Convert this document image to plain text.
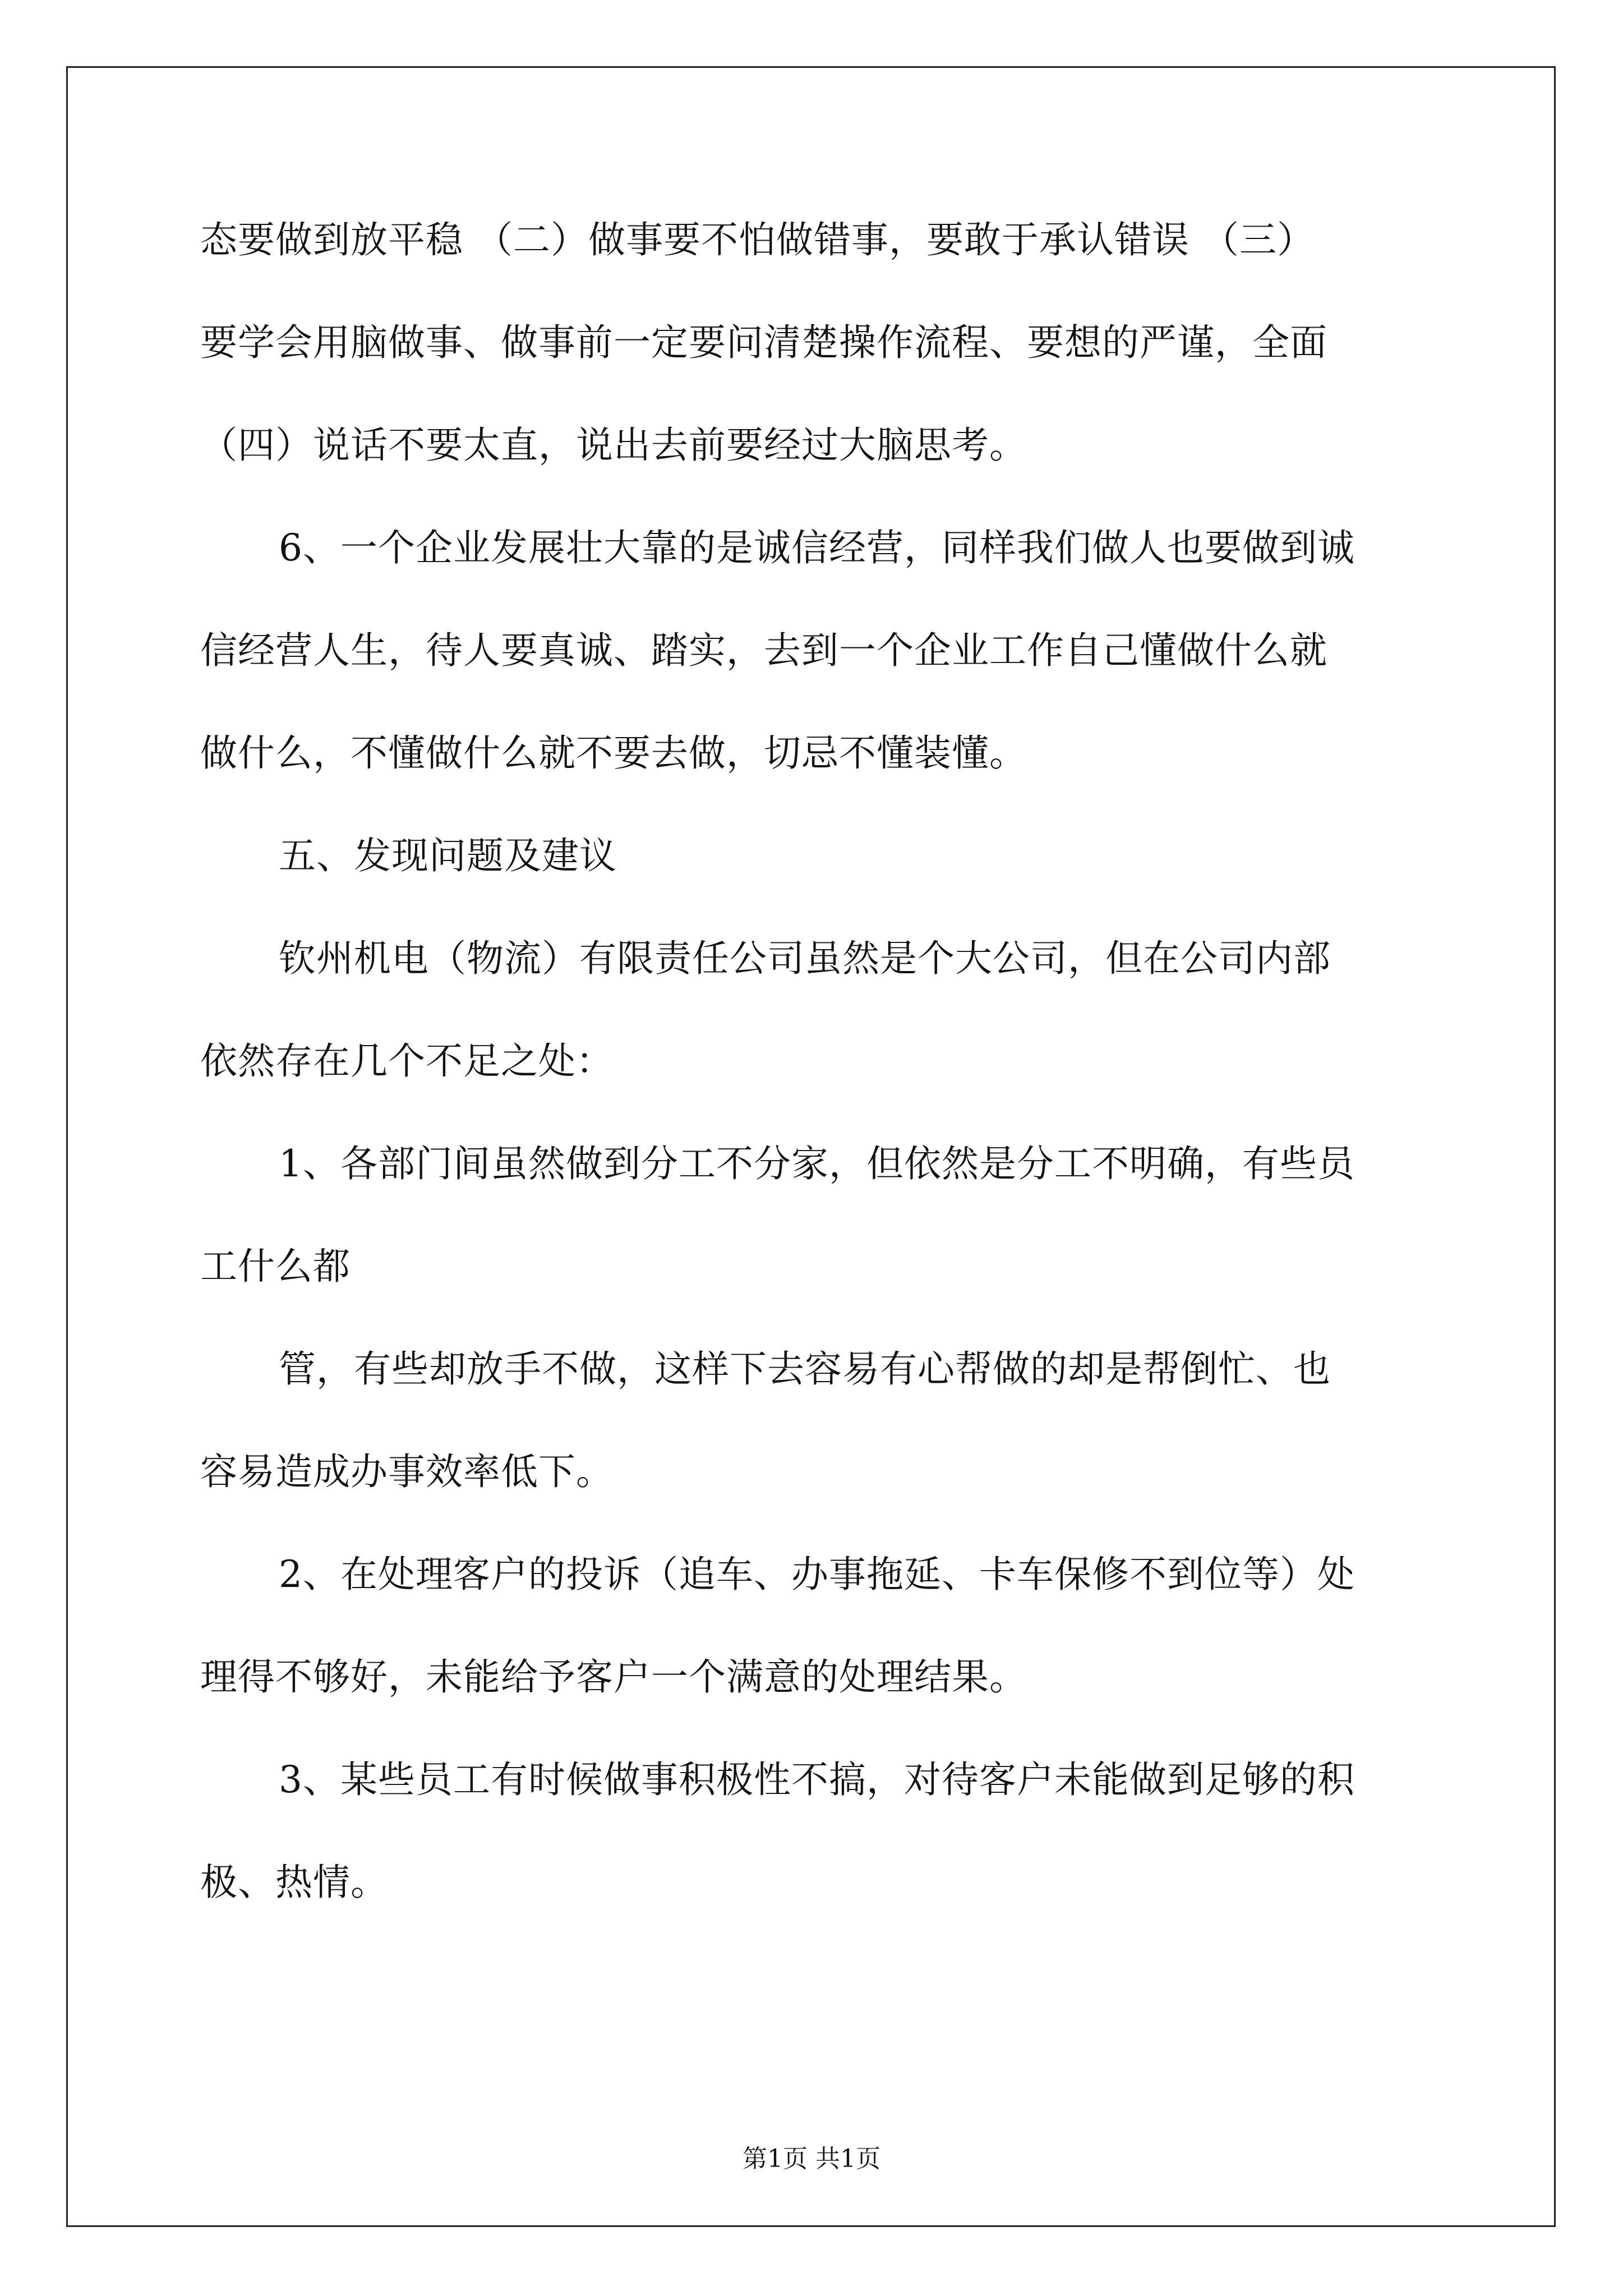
态要做到放平稳 （二）做事要不怕做错事，要敢于承认错误 （三）
要学会用脑做事、做事前一定要问清楚操作流程、要想的严谨，全面
（四）说话不要太直，说出去前要经过大脑思考。
6、一个企业发展壮大靠的是诚信经营，同样我们做人也要做到诚
信经营人生，待人要真诚、踏实，去到一个企业工作自己懂做什么就
做什么，不懂做什么就不要去做，切忌不懂装懂。
五、发现问题及建议
钦州机电（物流）有限责任公司虽然是个大公司，但在公司内部
依然存在几个不足之处：
1、各部门间虽然做到分工不分家，但依然是分工不明确，有些员
工什么都
管，有些却放手不做，这样下去容易有心帮做的却是帮倒忙、也
容易造成办事效率低下。
2、在处理客户的投诉（追车、办事拖延、卡车保修不到位等）处
理得不够好，未能给予客户一个满意的处理结果。
3、某些员工有时候做事积极性不搞，对待客户未能做到足够的积
极、热情。
第1页 共1页
